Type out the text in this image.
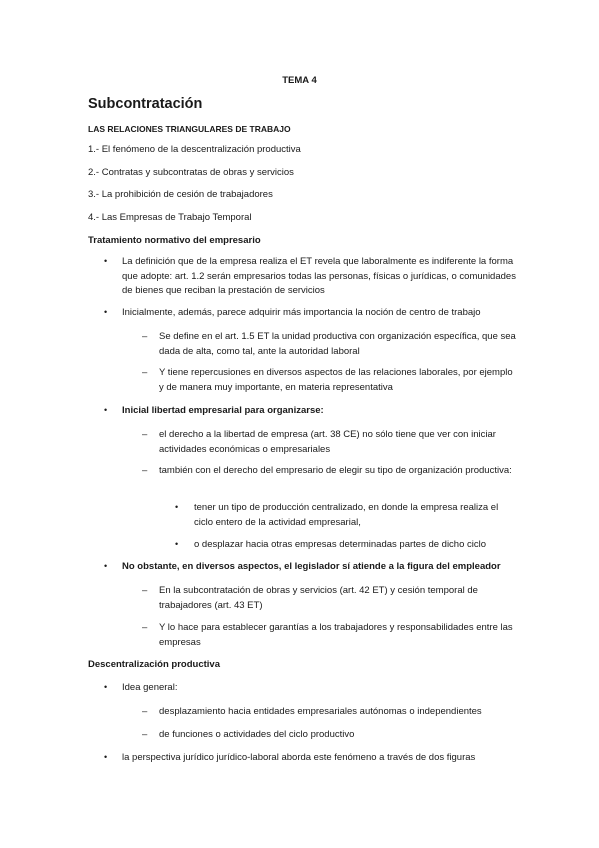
TEMA 4
Subcontratación
LAS RELACIONES TRIANGULARES DE TRABAJO
1.- El fenómeno de la descentralización productiva
2.- Contratas y subcontratas de obras y servicios
3.- La prohibición de cesión de trabajadores
4.- Las Empresas de Trabajo Temporal
Tratamiento normativo del empresario
• La definición que de la empresa realiza el ET revela que laboralmente es indiferente la forma que adopte: art. 1.2 serán empresarios todas las personas, físicas o jurídicas, o comunidades de bienes que reciban la prestación de servicios
• Inicialmente, además, parece adquirir más importancia la noción de centro de trabajo
– Se define en el art. 1.5 ET la unidad productiva con organización específica, que sea dada de alta, como tal, ante la autoridad laboral
– Y tiene repercusiones en diversos aspectos de las relaciones laborales, por ejemplo y de manera muy importante, en materia representativa
• Inicial libertad empresarial para organizarse:
– el derecho a la libertad de empresa (art. 38 CE) no sólo tiene que ver con iniciar actividades económicas o empresariales
– también con el derecho del empresario de elegir su tipo de organización productiva:
• tener un tipo de producción centralizado, en donde la empresa realiza el ciclo entero de la actividad empresarial,
• o desplazar hacia otras empresas determinadas partes de dicho ciclo
• No obstante, en diversos aspectos, el legislador sí atiende a la figura del empleador
– En la subcontratación de obras y servicios (art. 42 ET) y cesión temporal de trabajadores (art. 43 ET)
– Y lo hace para establecer garantías a los trabajadores y responsabilidades entre las empresas
Descentralización productiva
• Idea general:
– desplazamiento hacia entidades empresariales autónomas o independientes
– de funciones o actividades del ciclo productivo
• la perspectiva jurídico jurídico-laboral aborda este fenómeno a través de dos figuras
